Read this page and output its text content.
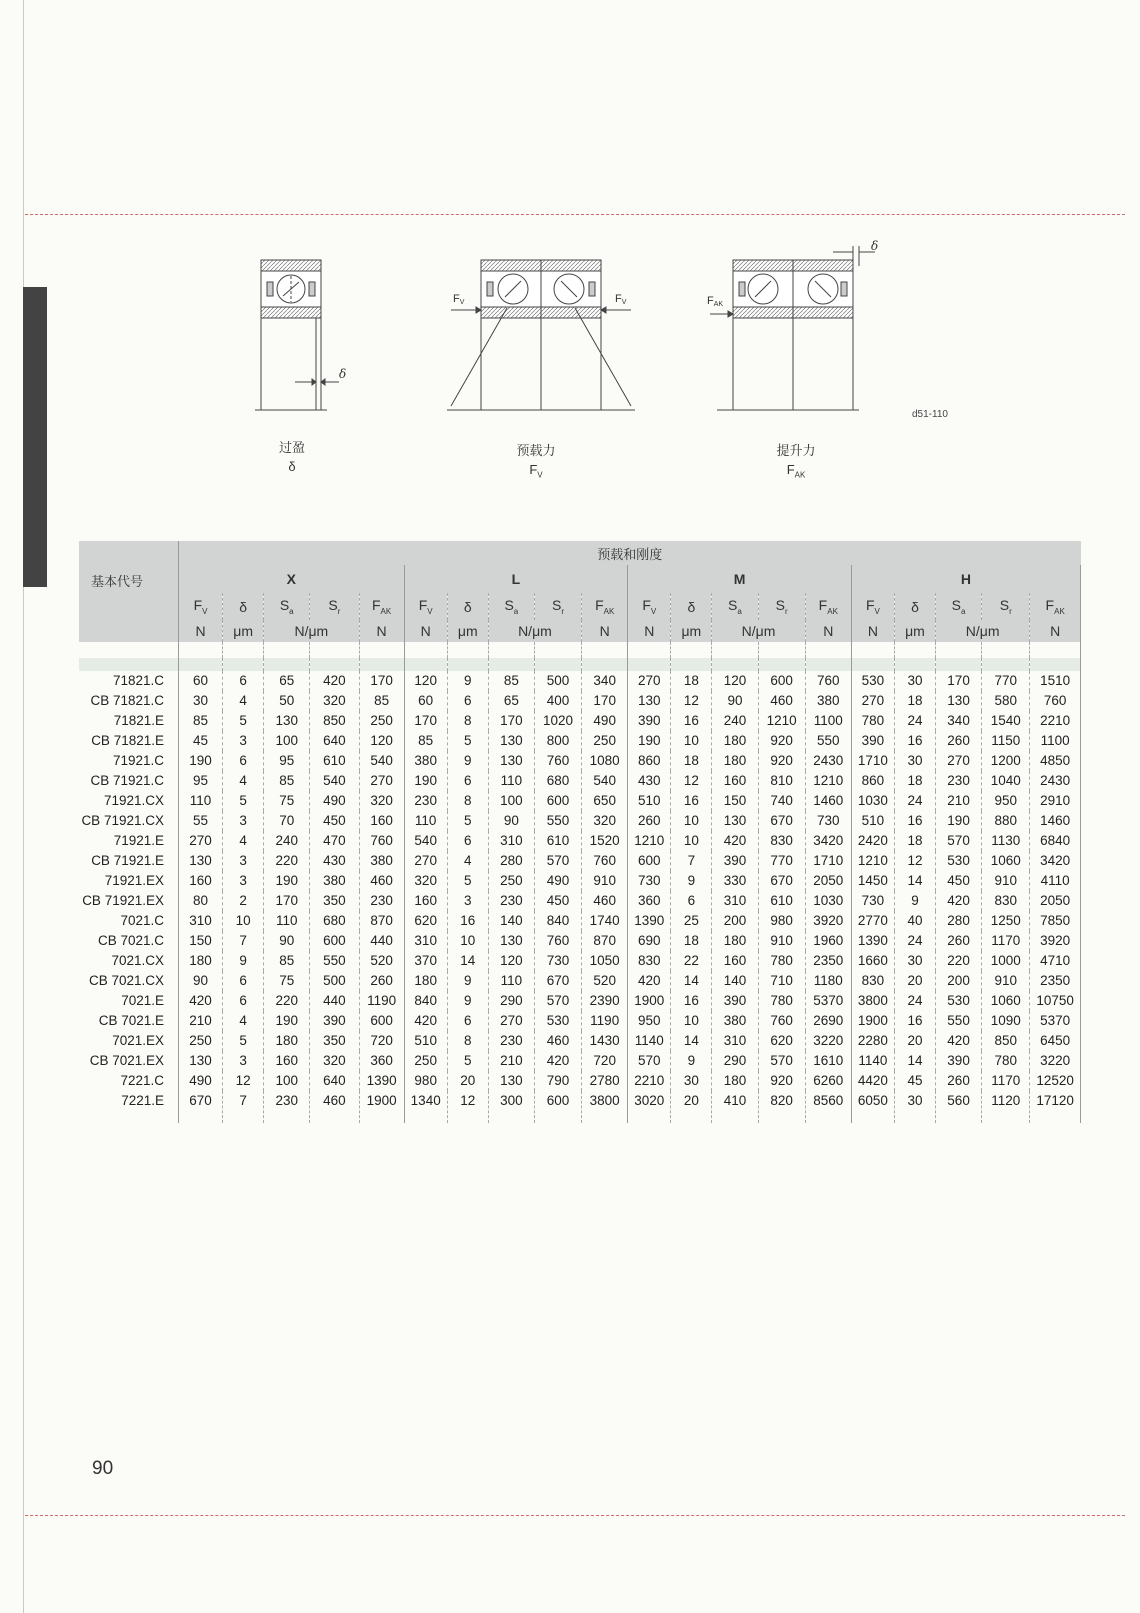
δ
δ
FV	FV	FAK
过盈
δ
预载力
$F_V$
提升力
$F_{AK}$
d51-110
基本代号	预载和刚度																			
	X					L					M					H				
	$F_V$	δ	$S_a$	$S_r$	$F_{AK}$	$F_V$	δ	$S_a$	$S_r$	$F_{AK}$	$F_V$	δ	$S_a$	$S_r$	$F_{AK}$	$F_V$	δ	$S_a$	$S_r$	$F_{AK}$
	N	μm	N/μm		N	N	μm	N/μm		N	N	μm	N/μm		N	N	μm	N/μm		N

71821.C	60	6	65	420	170	120	9	85	500	340	270	18	120	600	760	530	30	170	770	1510
CB 71821.C	30	4	50	320	85	60	6	65	400	170	130	12	90	460	380	270	18	130	580	760
71821.E	85	5	130	850	250	170	8	170	1020	490	390	16	240	1210	1100	780	24	340	1540	2210
CB 71821.E	45	3	100	640	120	85	5	130	800	250	190	10	180	920	550	390	16	260	1150	1100
71921.C	190	6	95	610	540	380	9	130	760	1080	860	18	180	920	2430	1710	30	270	1200	4850
CB 71921.C	95	4	85	540	270	190	6	110	680	540	430	12	160	810	1210	860	18	230	1040	2430
71921.CX	110	5	75	490	320	230	8	100	600	650	510	16	150	740	1460	1030	24	210	950	2910
CB 71921.CX	55	3	70	450	160	110	5	90	550	320	260	10	130	670	730	510	16	190	880	1460
71921.E	270	4	240	470	760	540	6	310	610	1520	1210	10	420	830	3420	2420	18	570	1130	6840
CB 71921.E	130	3	220	430	380	270	4	280	570	760	600	7	390	770	1710	1210	12	530	1060	3420
71921.EX	160	3	190	380	460	320	5	250	490	910	730	9	330	670	2050	1450	14	450	910	4110
CB 71921.EX	80	2	170	350	230	160	3	230	450	460	360	6	310	610	1030	730	9	420	830	2050
7021.C	310	10	110	680	870	620	16	140	840	1740	1390	25	200	980	3920	2770	40	280	1250	7850
CB 7021.C	150	7	90	600	440	310	10	130	760	870	690	18	180	910	1960	1390	24	260	1170	3920
7021.CX	180	9	85	550	520	370	14	120	730	1050	830	22	160	780	2350	1660	30	220	1000	4710
CB 7021.CX	90	6	75	500	260	180	9	110	670	520	420	14	140	710	1180	830	20	200	910	2350
7021.E	420	6	220	440	1190	840	9	290	570	2390	1900	16	390	780	5370	3800	24	530	1060	10750
CB 7021.E	210	4	190	390	600	420	6	270	530	1190	950	10	380	760	2690	1900	16	550	1090	5370
7021.EX	250	5	180	350	720	510	8	230	460	1430	1140	14	310	620	3220	2280	20	420	850	6450
CB 7021.EX	130	3	160	320	360	250	5	210	420	720	570	9	290	570	1610	1140	14	390	780	3220
7221.C	490	12	100	640	1390	980	20	130	790	2780	2210	30	180	920	6260	4420	45	260	1170	12520
7221.E	670	7	230	460	1900	1340	12	300	600	3800	3020	20	410	820	8560	6050	30	560	1120	17120
90
